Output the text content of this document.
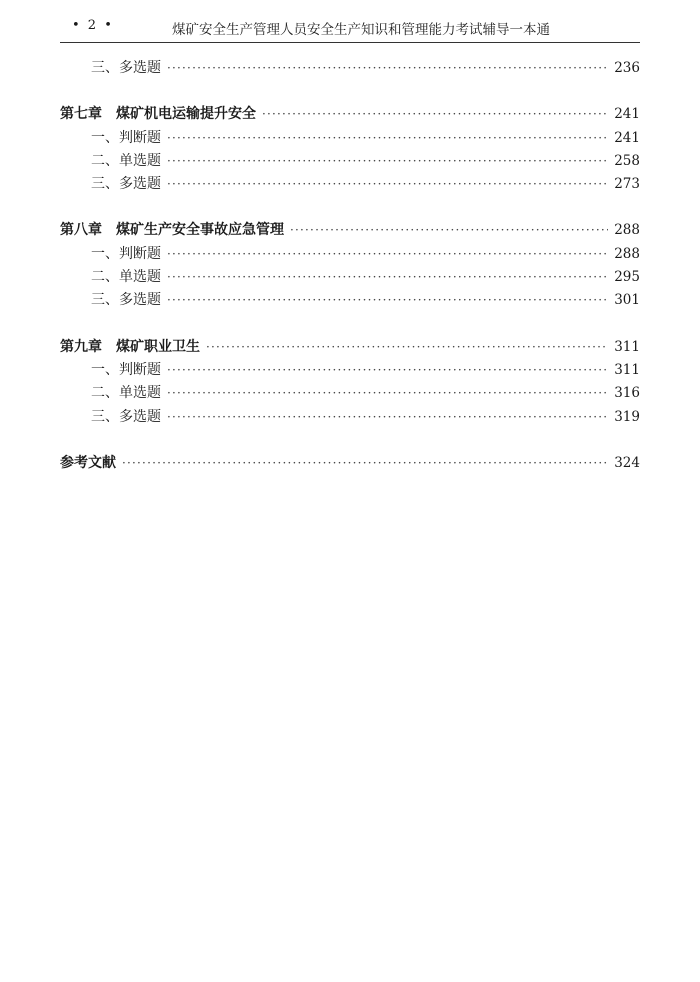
• 2 •	煤矿安全生产管理人员安全生产知识和管理能力考试辅导一本通
三、多选题 ·····	236
第七章 煤矿机电运输提升安全 ·····	241
一、判断题 ·····	241
二、单选题 ·····	258
三、多选题 ·····	273
第八章 煤矿生产安全事故应急管理 ·····	288
一、判断题 ·····	288
二、单选题 ·····	295
三、多选题 ·····	301
第九章 煤矿职业卫生 ·····	311
一、判断题 ·····	311
二、单选题 ·····	316
三、多选题 ·····	319
参考文献 ·····	324
